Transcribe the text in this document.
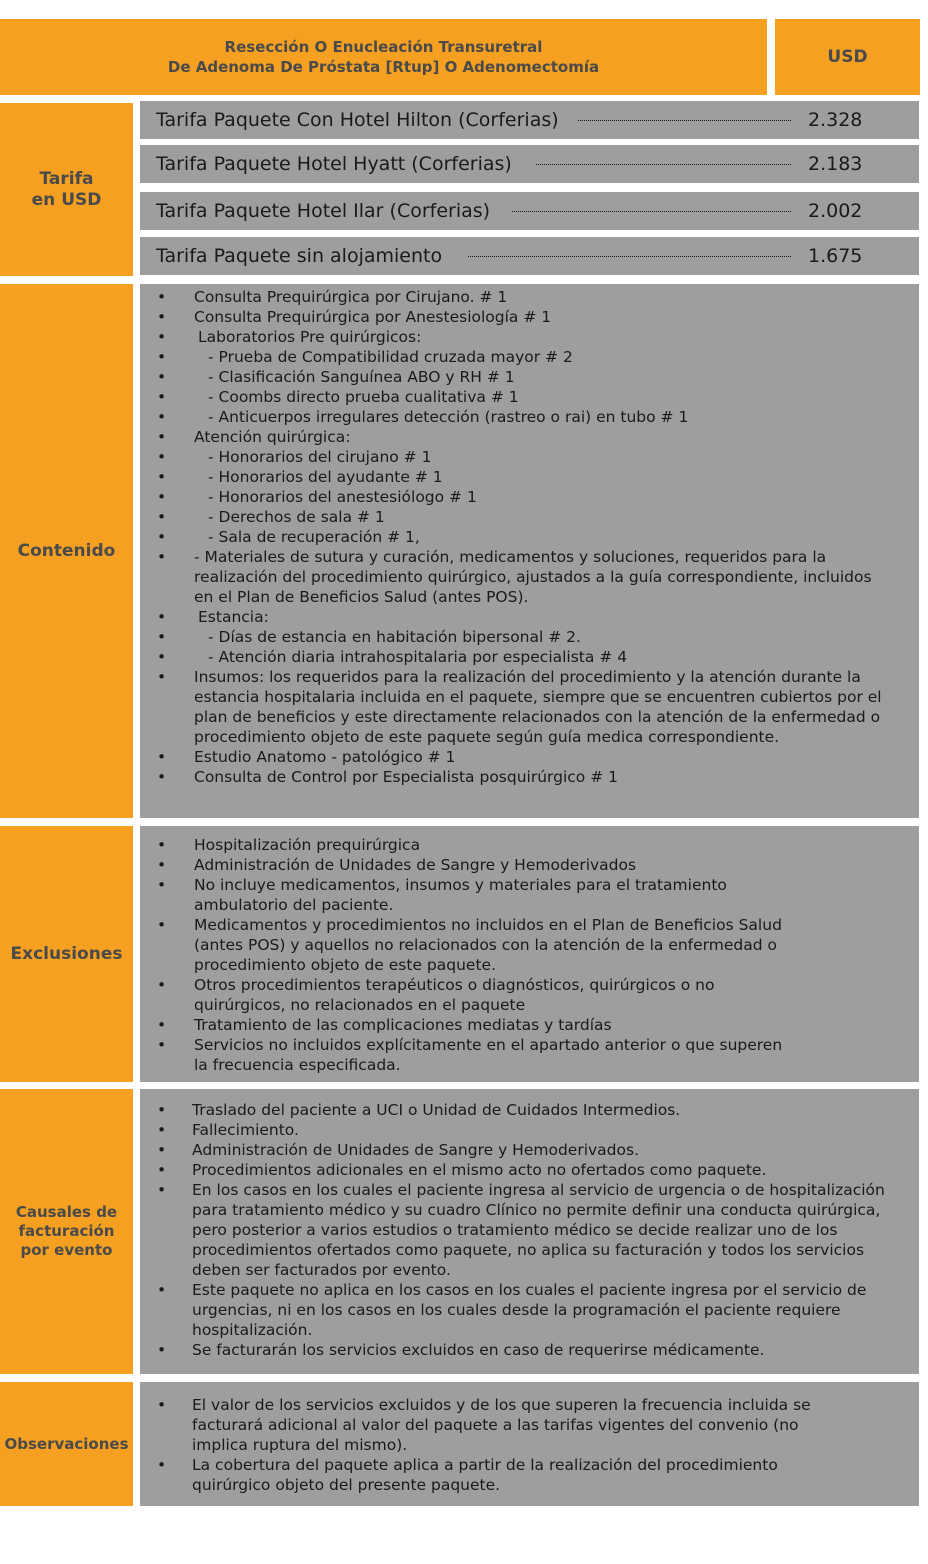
Resección O Enucleación Transuretral
De Adenoma De Próstata [Rtup] O Adenomectomía	USD
Tarifa
en USD
Tarifa Paquete Con Hotel Hilton (Corferias)	2.328
Tarifa Paquete Hotel Hyatt (Corferias)	2.183
Tarifa Paquete Hotel Ilar (Corferias)	2.002
Tarifa Paquete sin alojamiento	1.675
Contenido
• Consulta Prequirúrgica por Cirujano. # 1
• Consulta Prequirúrgica por Anestesiología # 1
• Laboratorios Pre quirúrgicos:
• - Prueba de Compatibilidad cruzada mayor # 2
• - Clasificación Sanguínea ABO y RH # 1
• - Coombs directo prueba cualitativa # 1
• - Anticuerpos irregulares detección (rastreo o rai) en tubo # 1
• Atención quirúrgica:
• - Honorarios del cirujano # 1
• - Honorarios del ayudante # 1
• - Honorarios del anestesiólogo # 1
• - Derechos de sala # 1
• - Sala de recuperación # 1,
• - Materiales de sutura y curación, medicamentos y soluciones, requeridos para la realización del procedimiento quirúrgico, ajustados a la guía correspondiente, incluidos en el Plan de Beneficios Salud (antes POS).
• Estancia:
• - Días de estancia en habitación bipersonal # 2.
• - Atención diaria intrahospitalaria por especialista # 4
• Insumos: los requeridos para la realización del procedimiento y la atención durante la estancia hospitalaria incluida en el paquete, siempre que se encuentren cubiertos por el plan de beneficios y este directamente relacionados con la atención de la enfermedad o procedimiento objeto de este paquete según guía medica correspondiente.
• Estudio Anatomo - patológico # 1
• Consulta de Control por Especialista posquirúrgico # 1
Exclusiones
• Hospitalización prequirúrgica
• Administración de Unidades de Sangre y Hemoderivados
• No incluye medicamentos, insumos y materiales para el tratamiento ambulatorio del paciente.
• Medicamentos y procedimientos no incluidos en el Plan de Beneficios Salud (antes POS) y aquellos no relacionados con la atención de la enfermedad o procedimiento objeto de este paquete.
• Otros procedimientos terapéuticos o diagnósticos, quirúrgicos o no quirúrgicos, no relacionados en el paquete
• Tratamiento de las complicaciones mediatas y tardías
• Servicios no incluidos explícitamente en el apartado anterior o que superen la frecuencia especificada.
Causales de
facturación
por evento
• Traslado del paciente a UCI o Unidad de Cuidados Intermedios.
• Fallecimiento.
• Administración de Unidades de Sangre y Hemoderivados.
• Procedimientos adicionales en el mismo acto no ofertados como paquete.
• En los casos en los cuales el paciente ingresa al servicio de urgencia o de hospitalización para tratamiento médico y su cuadro Clínico no permite definir una conducta quirúrgica, pero posterior a varios estudios o tratamiento médico se decide realizar uno de los procedimientos ofertados como paquete, no aplica su facturación y todos los servicios deben ser facturados por evento.
• Este paquete no aplica en los casos en los cuales el paciente ingresa por el servicio de urgencias, ni en los casos en los cuales desde la programación el paciente requiere hospitalización.
• Se facturarán los servicios excluidos en caso de requerirse médicamente.
Observaciones
• El valor de los servicios excluidos y de los que superen la frecuencia incluida se facturará adicional al valor del paquete a las tarifas vigentes del convenio (no implica ruptura del mismo).
• La cobertura del paquete aplica a partir de la realización del procedimiento quirúrgico objeto del presente paquete.
